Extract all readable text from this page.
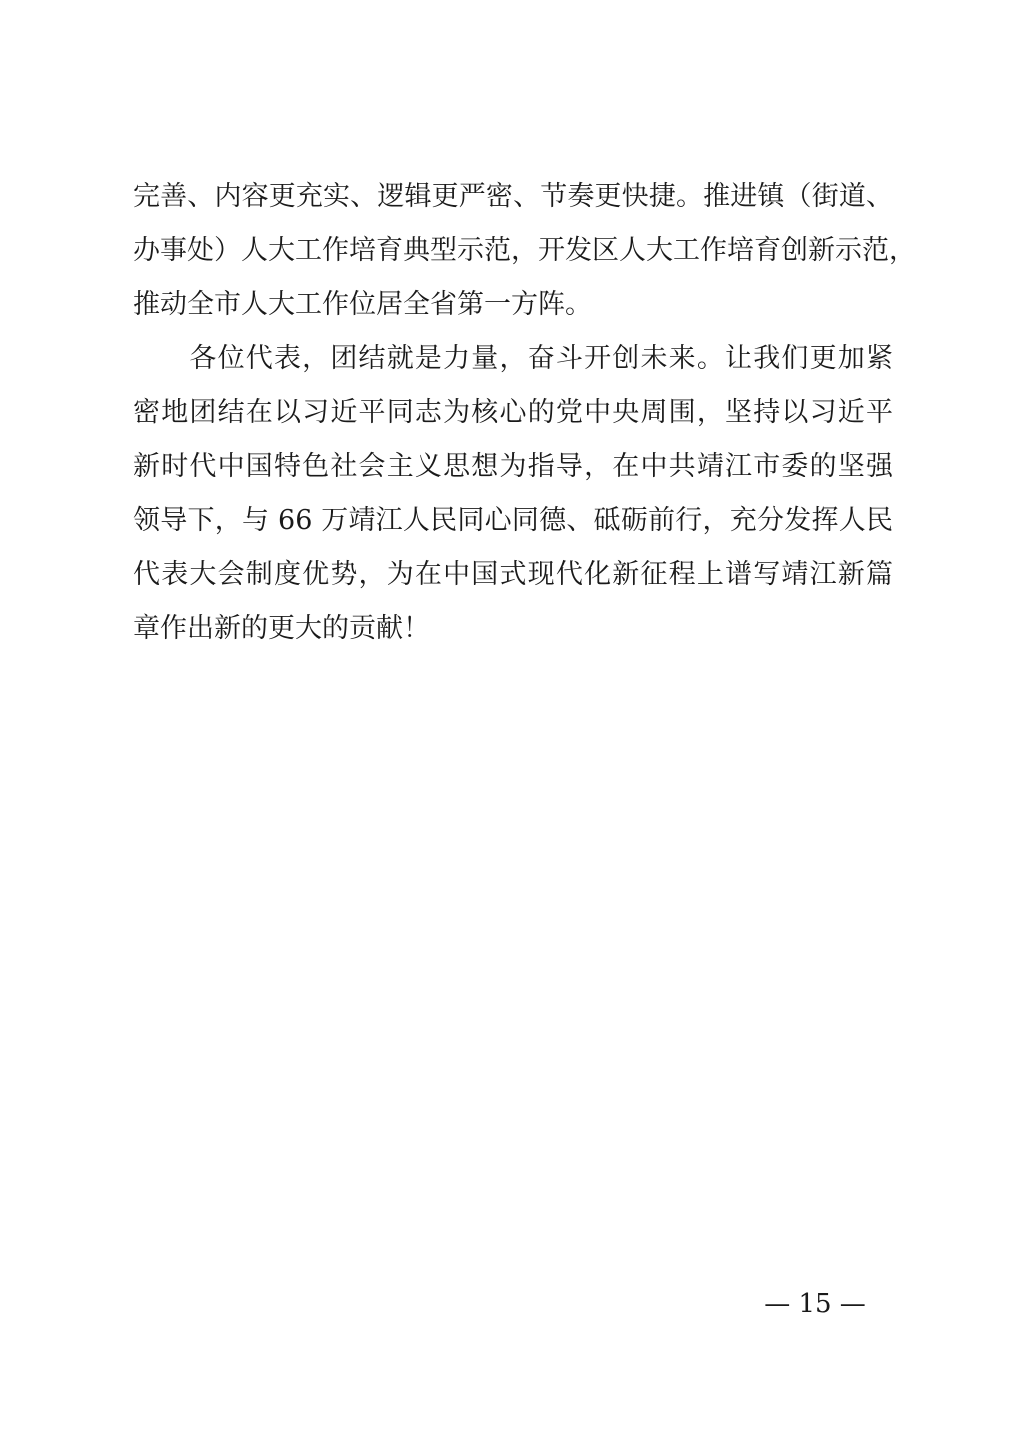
完善、内容更充实、逻辑更严密、节奏更快捷。推进镇（街道、
办事处）人大工作培育典型示范，开发区人大工作培育创新示范，
推动全市人大工作位居全省第一方阵。
　　各位代表，团结就是力量，奋斗开创未来。让我们更加紧
密地团结在以习近平同志为核心的党中央周围，坚持以习近平
新时代中国特色社会主义思想为指导，在中共靖江市委的坚强
领导下，与 66 万靖江人民同心同德、砥砺前行，充分发挥人民
代表大会制度优势，为在中国式现代化新征程上谱写靖江新篇
章作出新的更大的贡献！
— 15 —
